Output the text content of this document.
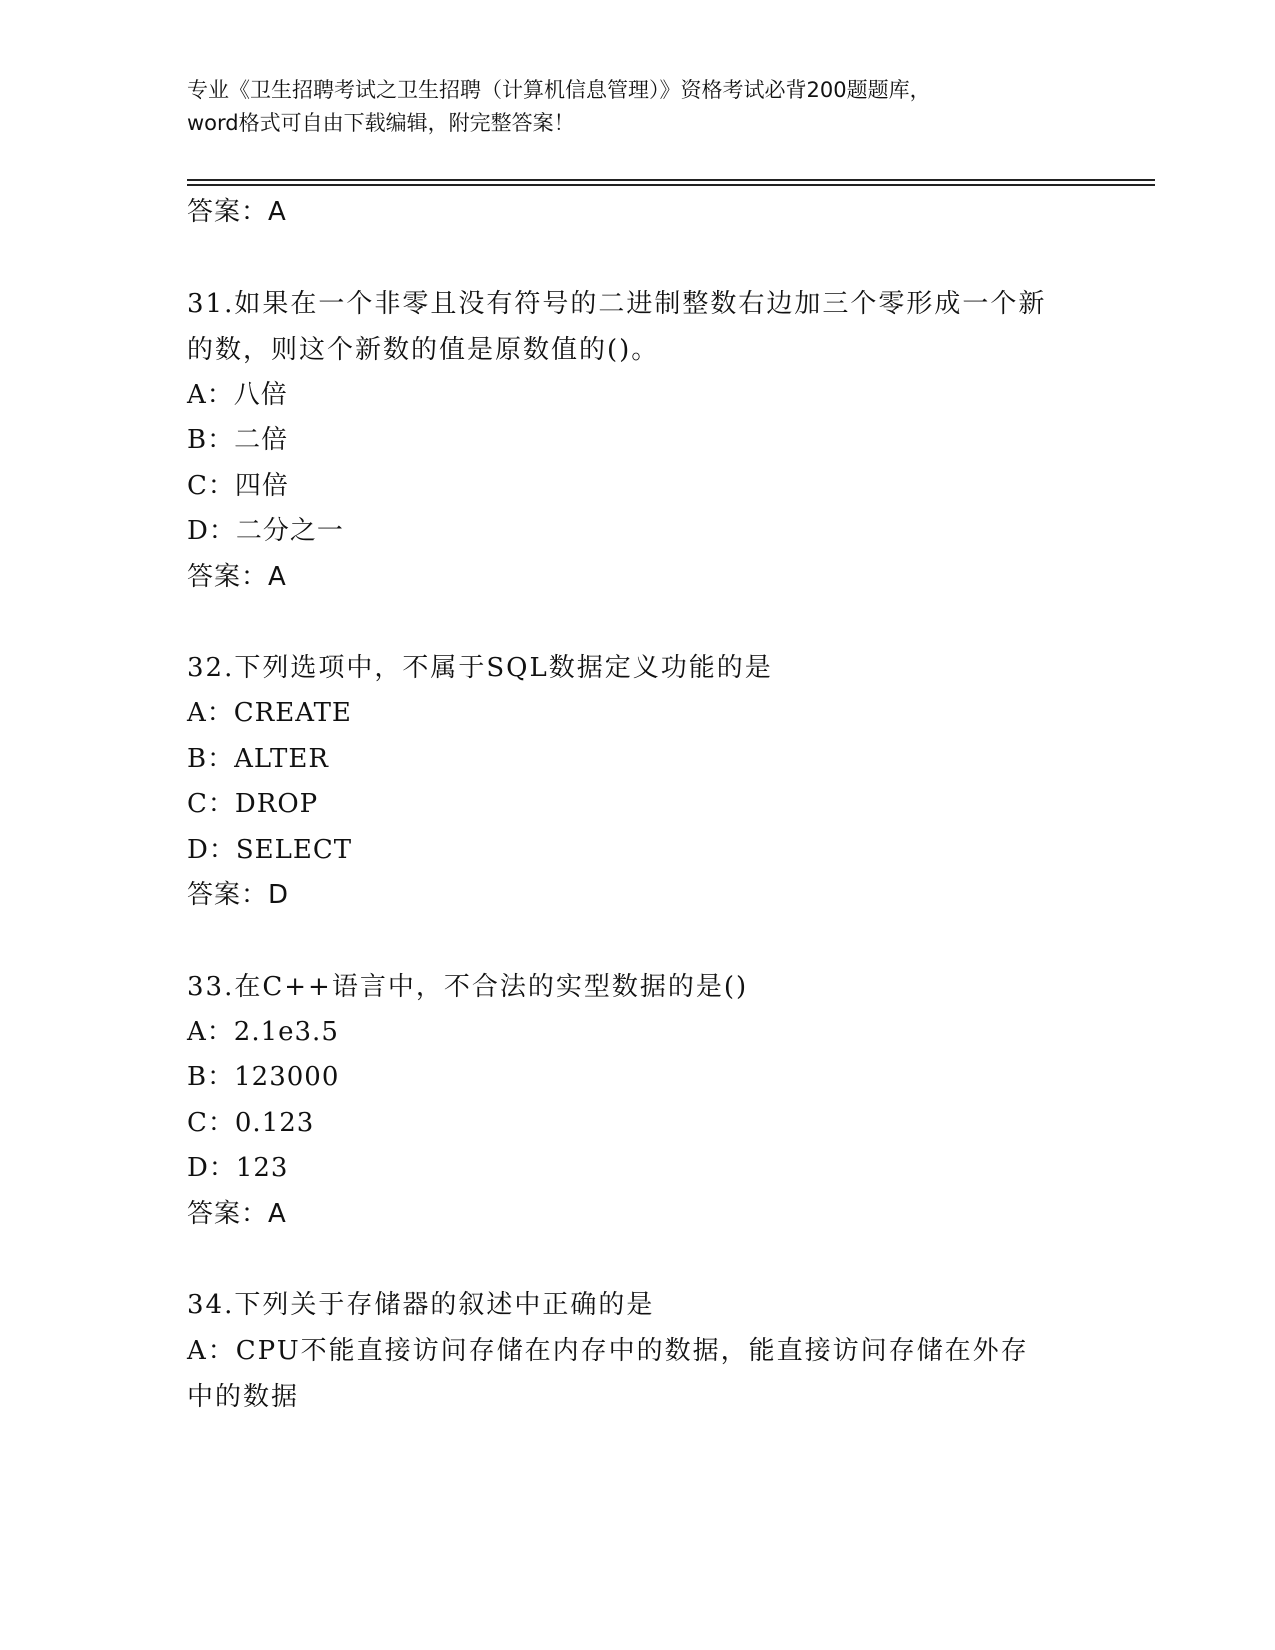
专业《卫生招聘考试之卫生招聘（计算机信息管理）》资格考试必背200题题库，
word格式可自由下载编辑，附完整答案！
答案：A
31.如果在一个非零且没有符号的二进制整数右边加三个零形成一个新的数，则这个新数的值是原数值的()。
A：八倍
B：二倍
C：四倍
D：二分之一
答案：A
32.下列选项中，不属于SQL数据定义功能的是
A：CREATE
B：ALTER
C：DROP
D：SELECT
答案：D
33.在C++语言中，不合法的实型数据的是()
A：2.1e3.5
B：123000
C：0.123
D：123
答案：A
34.下列关于存储器的叙述中正确的是
A：CPU不能直接访问存储在内存中的数据，能直接访问存储在外存中的数据
